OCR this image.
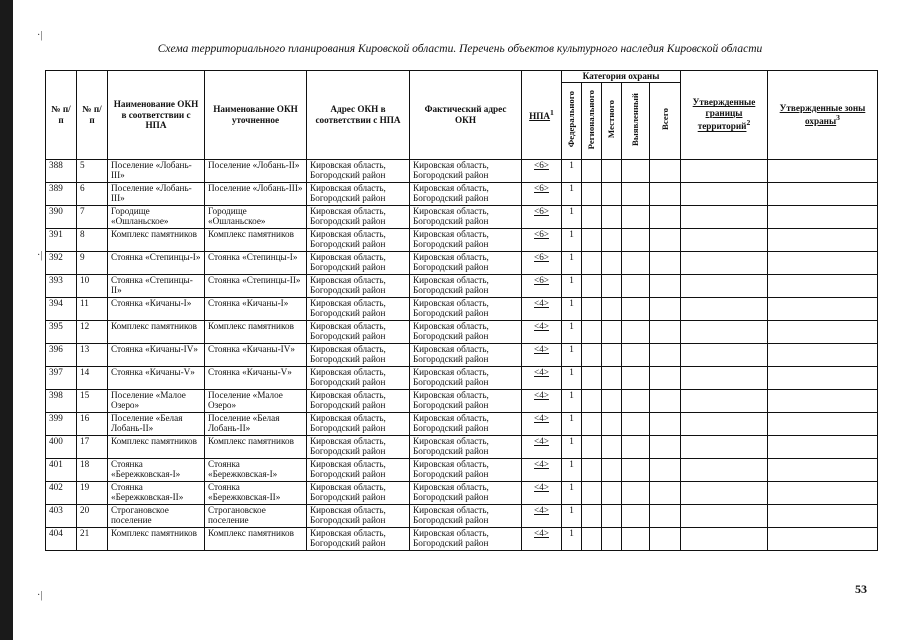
·|
·|
·|
Схема территориального планирования Кировской области. Перечень объектов культурного наследия Кировской области
№ п/п	№ п/п	Наименование ОКН в соответствии с НПА	Наименование ОКН уточненное	Адрес ОКН в соответствии с НПА	Фактический адрес ОКН	НПА$^1$	Категория охраны					Утвержденные границы территорий$^2$	Утвержденные зоны охраны$^3$
							Федерального	Регионального	Местного	Выявленный	Всего		
388	5	Поселение «Лобань-III»	Поселение «Лобань-II»	Кировская область, Богородский район	Кировская область, Богородский район	<6>	1						
389	6	Поселение «Лобань-III»	Поселение «Лобань-III»	Кировская область, Богородский район	Кировская область, Богородский район	<6>	1						
390	7	Городище «Ошланьское»	Городище «Ошланьское»	Кировская область, Богородский район	Кировская область, Богородский район	<6>	1						
391	8	Комплекс памятников	Комплекс памятников	Кировская область, Богородский район	Кировская область, Богородский район	<6>	1						
392	9	Стоянка «Степинцы-I»	Стоянка «Степинцы-I»	Кировская область, Богородский район	Кировская область, Богородский район	<6>	1						
393	10	Стоянка «Степинцы-II»	Стоянка «Степинцы-II»	Кировская область, Богородский район	Кировская область, Богородский район	<6>	1						
394	11	Стоянка «Кичаны-I»	Стоянка «Кичаны-I»	Кировская область, Богородский район	Кировская область, Богородский район	<4>	1						
395	12	Комплекс памятников	Комплекс памятников	Кировская область, Богородский район	Кировская область, Богородский район	<4>	1						
396	13	Стоянка «Кичаны-IV»	Стоянка «Кичаны-IV»	Кировская область, Богородский район	Кировская область, Богородский район	<4>	1						
397	14	Стоянка «Кичаны-V»	Стоянка «Кичаны-V»	Кировская область, Богородский район	Кировская область, Богородский район	<4>	1						
398	15	Поселение «Малое Озеро»	Поселение «Малое Озеро»	Кировская область, Богородский район	Кировская область, Богородский район	<4>	1						
399	16	Поселение «Белая Лобань-II»	Поселение «Белая Лобань-II»	Кировская область, Богородский район	Кировская область, Богородский район	<4>	1						
400	17	Комплекс памятников	Комплекс памятников	Кировская область, Богородский район	Кировская область, Богородский район	<4>	1						
401	18	Стоянка «Бережковская-I»	Стоянка «Бережковская-I»	Кировская область, Богородский район	Кировская область, Богородский район	<4>	1						
402	19	Стоянка «Бережковская-II»	Стоянка «Бережковская-II»	Кировская область, Богородский район	Кировская область, Богородский район	<4>	1						
403	20	Строгановское поселение	Строгановское поселение	Кировская область, Богородский район	Кировская область, Богородский район	<4>	1						
404	21	Комплекс памятников	Комплекс памятников	Кировская область, Богородский район	Кировская область, Богородский район	<4>	1						
53
